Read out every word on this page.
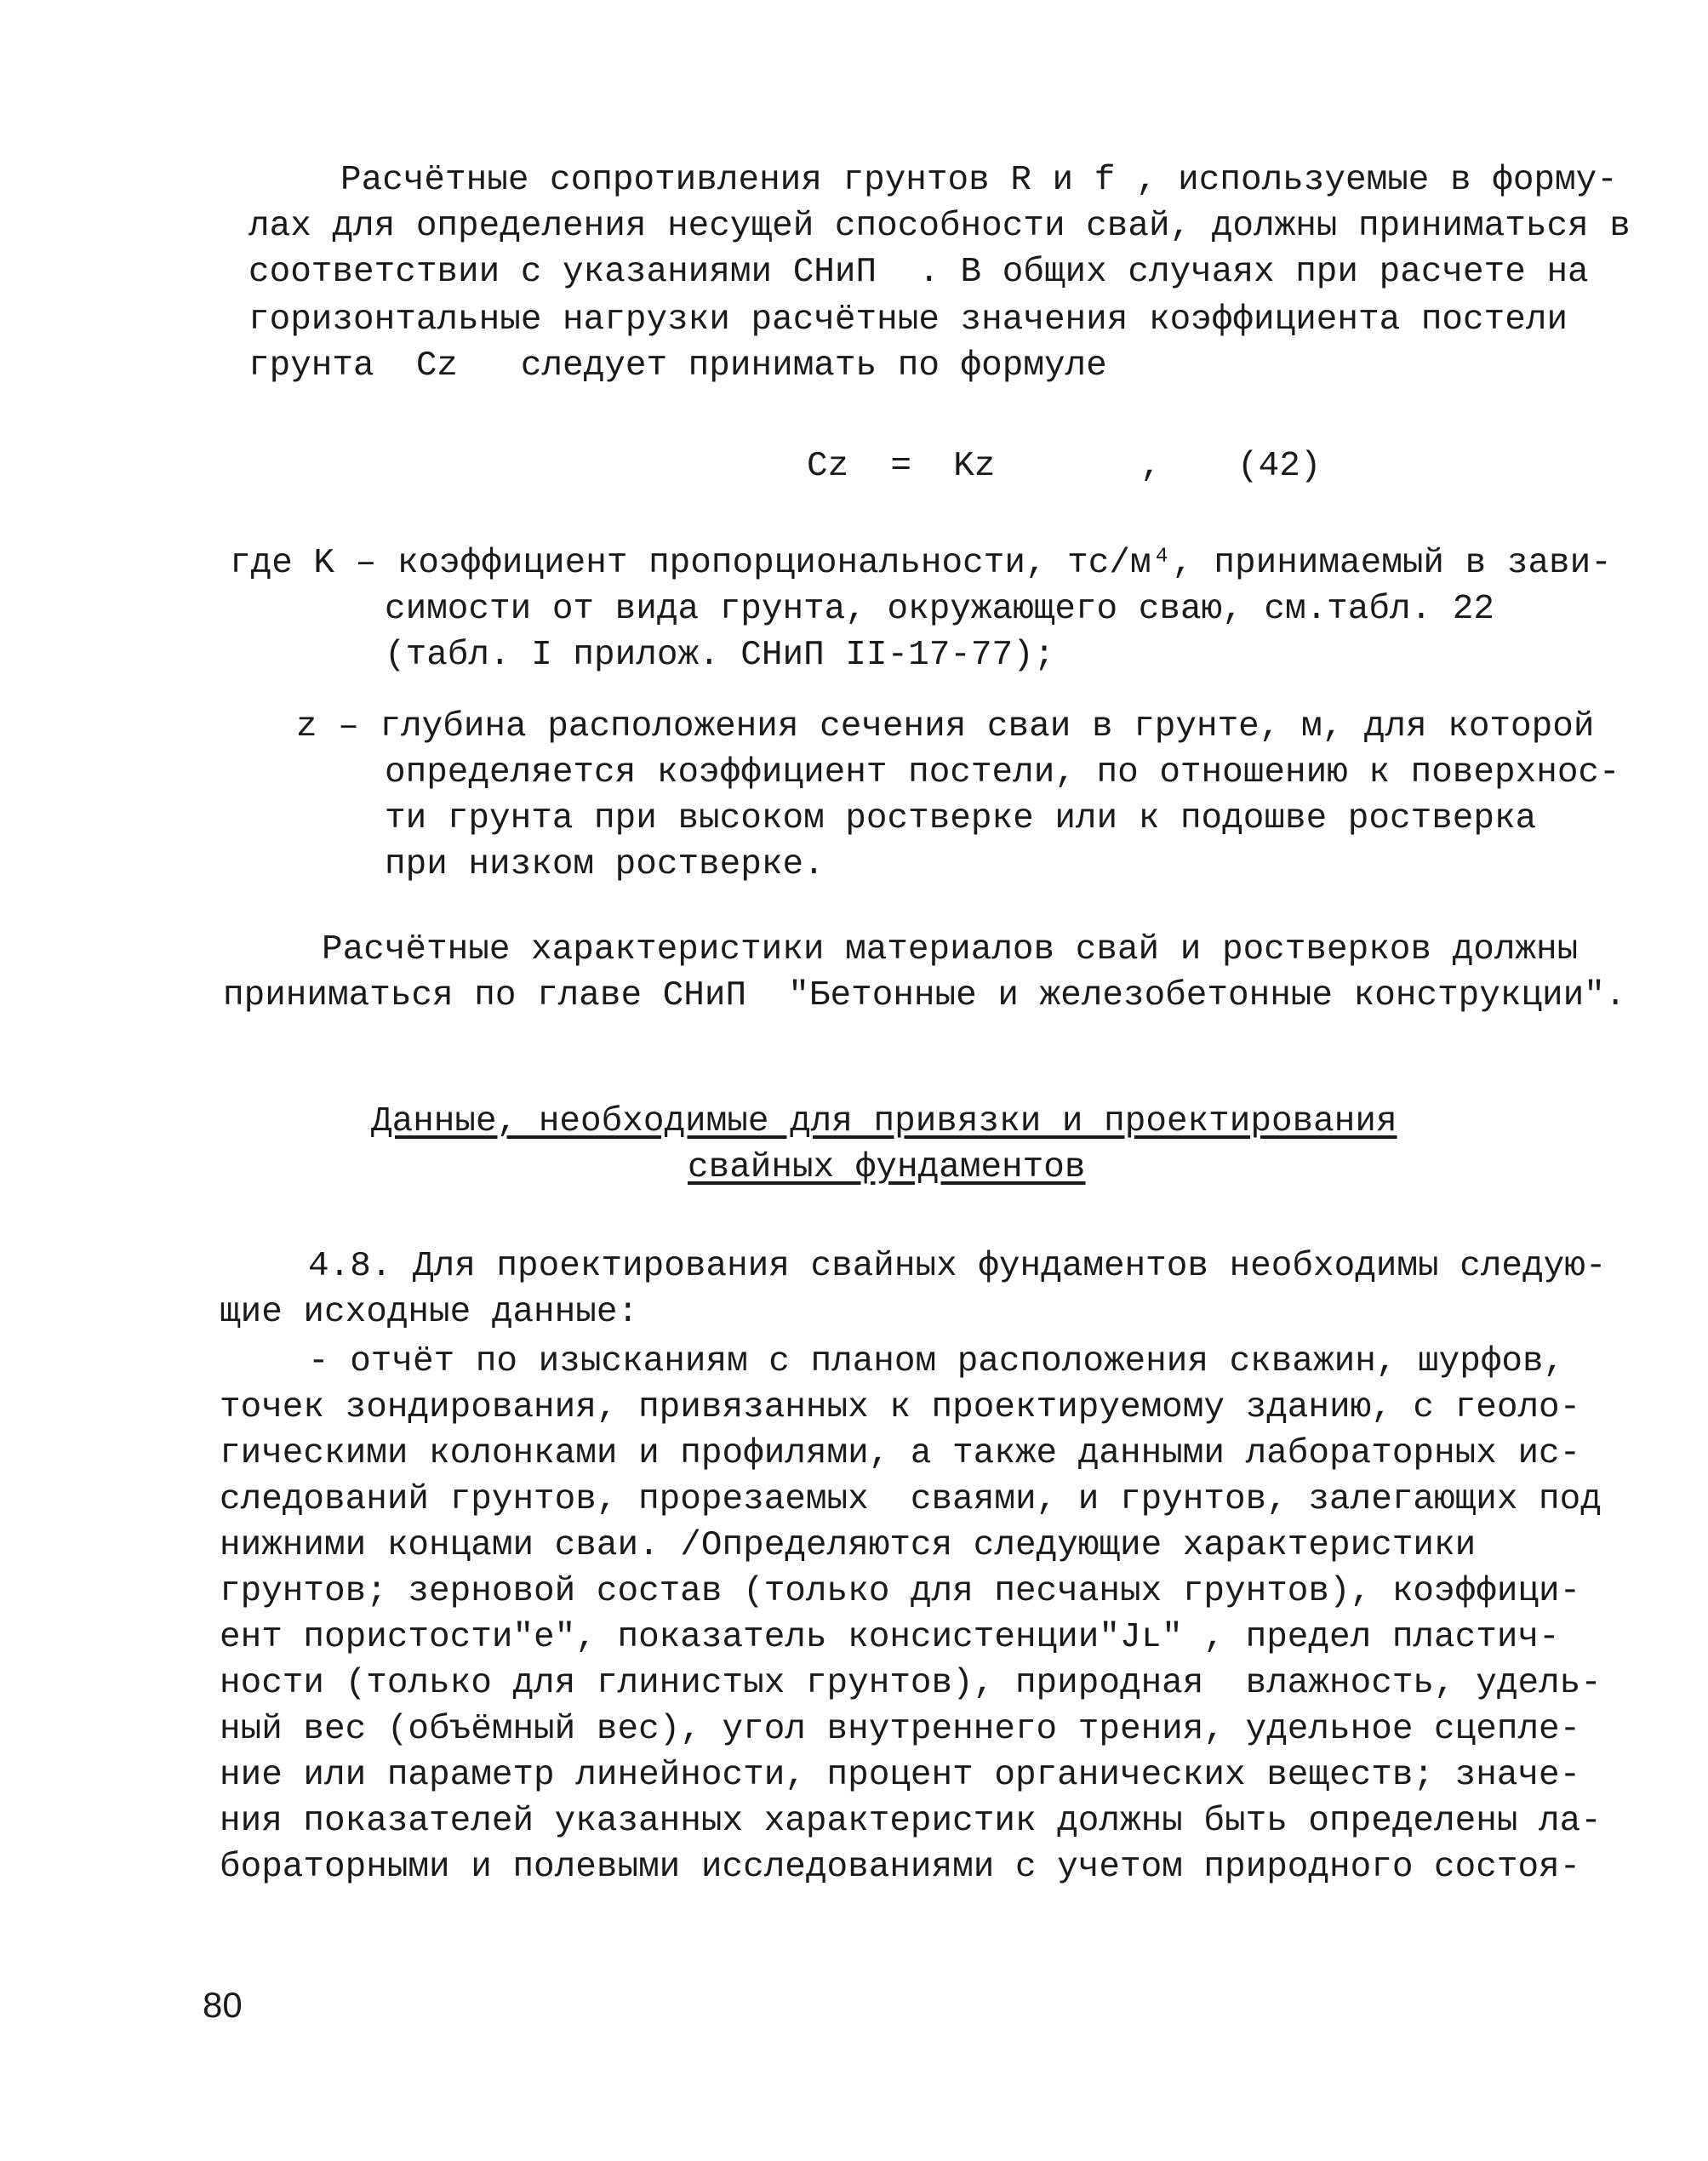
Расчётные сопротивления грунтов R и f , используемые в форму-
лах для определения несущей способности свай, должны приниматься в
соответствии с указаниями СНиП  . В общих случаях при расчете на
горизонтальные нагрузки расчётные значения коэффициента постели
грунта  Cz   следует принимать по формуле
Cz  =  Kz	, (42)
где K – коэффициент пропорциональности, тс/м⁴, принимаемый в зави-
симости от вида грунта, окружающего сваю, см.табл. 22
(табл. I прилож. СНиП II-17-77);
z – глубина расположения сечения сваи в грунте, м, для которой
определяется коэффициент постели, по отношению к поверхнос-
ти грунта при высоком ростверке или к подошве ростверка
при низком ростверке.
Расчётные характеристики материалов свай и ростверков должны
приниматься по главе СНиП  "Бетонные и железобетонные конструкции".
Данные, необходимые для привязки и проектирования
свайных фундаментов
4.8. Для проектирования свайных фундаментов необходимы следую-
щие исходные данные:
- отчёт по изысканиям с планом расположения скважин, шурфов,
точек зондирования, привязанных к проектируемому зданию, с геоло-
гическими колонками и профилями, а также данными лабораторных ис-
следований грунтов, прорезаемых  сваями, и грунтов, залегающих под
нижними концами сваи. /Определяются следующие характеристики
грунтов; зерновой состав (только для песчаных грунтов), коэффици-
ент пористости"e", показатель консистенции"Jʟ" , предел пластич-
ности (только для глинистых грунтов), природная  влажность, удель-
ный вес (объёмный вес), угол внутреннего трения, удельное сцепле-
ние или параметр линейности, процент органических веществ; значе-
ния показателей указанных характеристик должны быть определены ла-
бораторными и полевыми исследованиями с учетом природного состоя-
80
